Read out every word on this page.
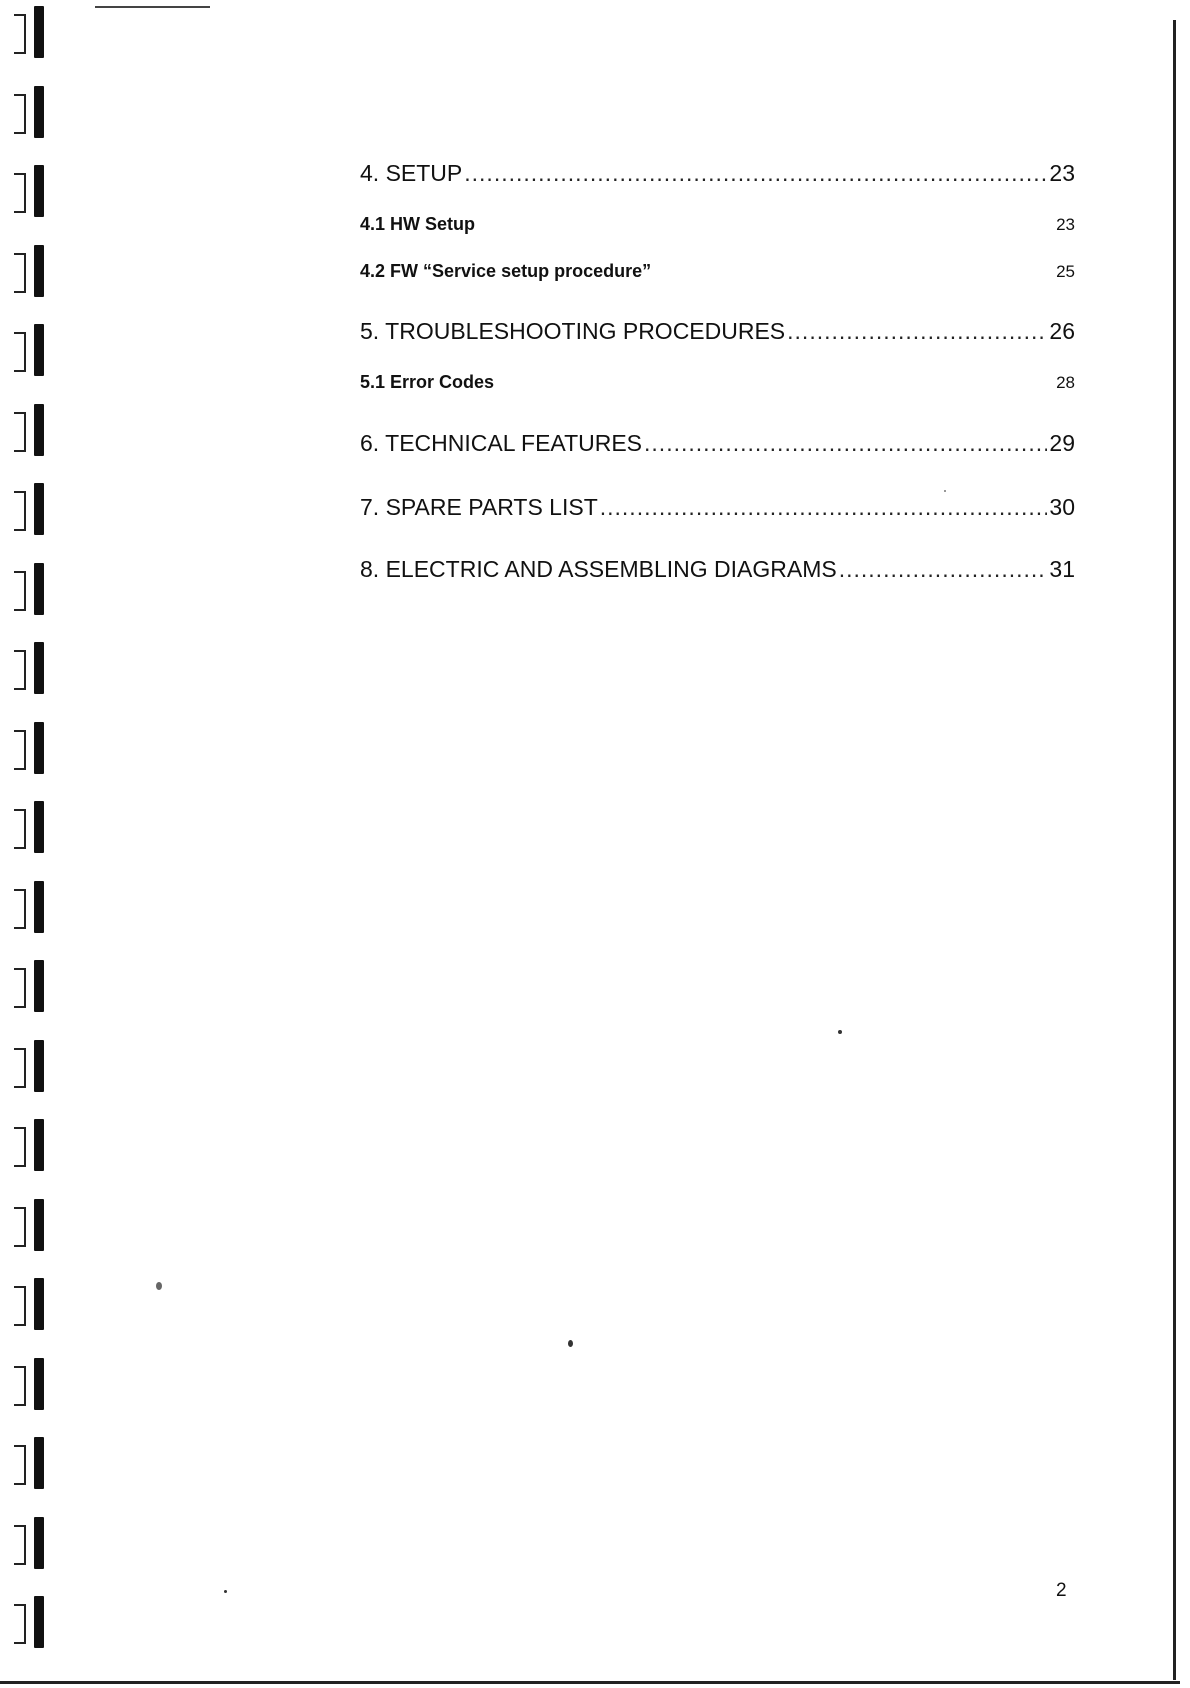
4. SETUP .....	23
4.1 HW Setup	23
4.2 FW “Service setup procedure”	25
5. TROUBLESHOOTING PROCEDURES .....	26
5.1 Error Codes	28
6. TECHNICAL FEATURES .....	29
7. SPARE PARTS LIST .....	30
8. ELECTRIC AND ASSEMBLING DIAGRAMS .....	31
2
